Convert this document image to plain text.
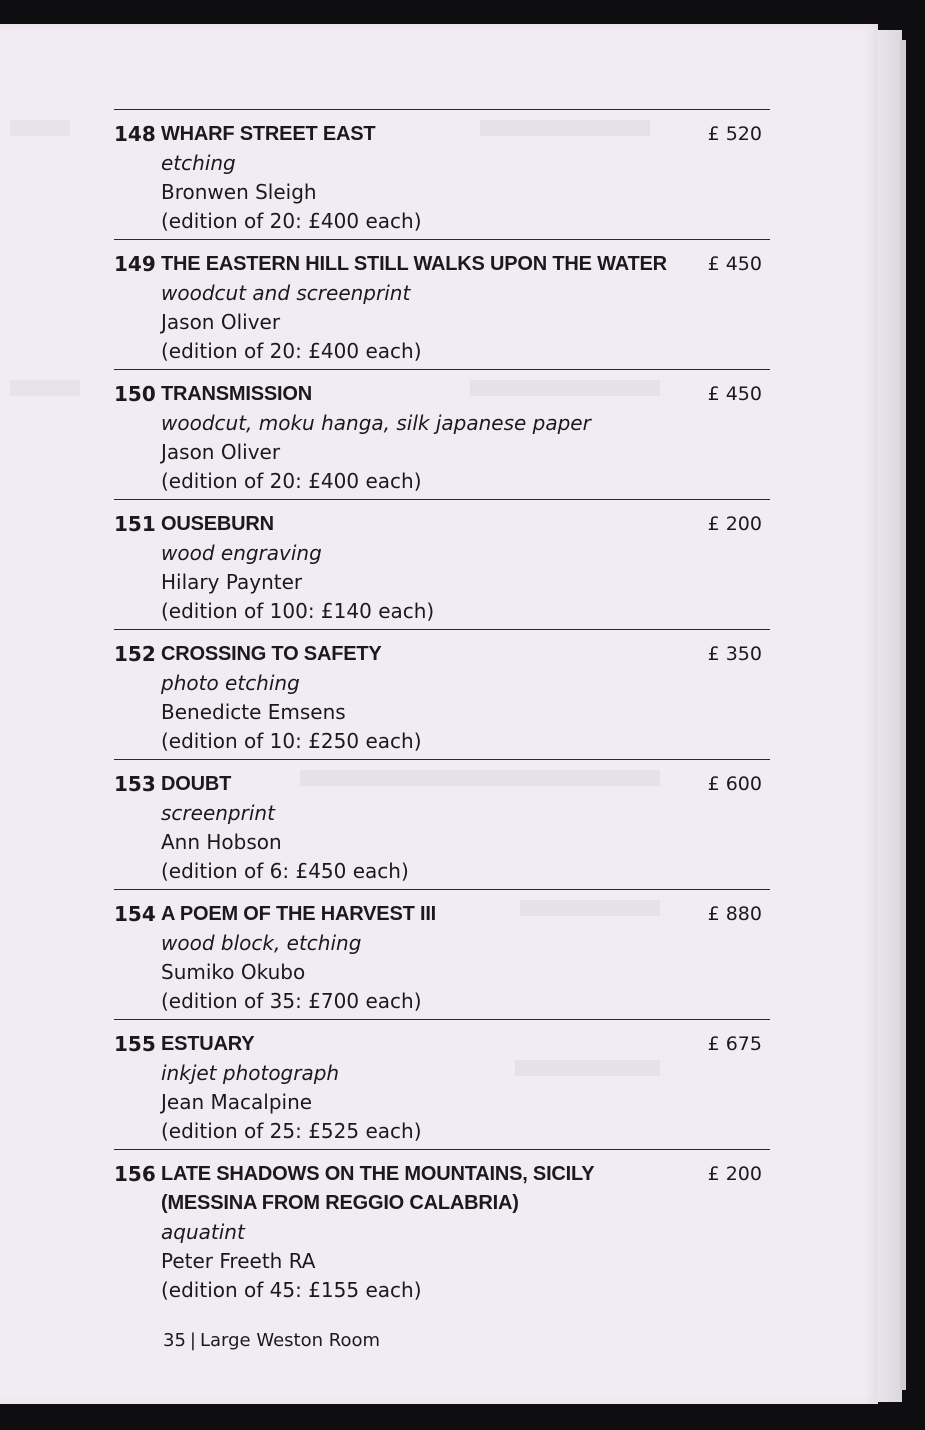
148 WHARF STREET EAST
etching
Bronwen Sleigh
(edition of 20: £400 each)
£ 520
149 THE EASTERN HILL STILL WALKS UPON THE WATER
woodcut and screenprint
Jason Oliver
(edition of 20: £400 each)
£ 450
150 TRANSMISSION
woodcut, moku hanga, silk japanese paper
Jason Oliver
(edition of 20: £400 each)
£ 450
151 OUSEBURN
wood engraving
Hilary Paynter
(edition of 100: £140 each)
£ 200
152 CROSSING TO SAFETY
photo etching
Benedicte Emsens
(edition of 10: £250 each)
£ 350
153 DOUBT
screenprint
Ann Hobson
(edition of 6: £450 each)
£ 600
154 A POEM OF THE HARVEST III
wood block, etching
Sumiko Okubo
(edition of 35: £700 each)
£ 880
155 ESTUARY
inkjet photograph
Jean Macalpine
(edition of 25: £525 each)
£ 675
156 LATE SHADOWS ON THE MOUNTAINS, SICILY
(MESSINA FROM REGGIO CALABRIA)
aquatint
Peter Freeth RA
(edition of 45: £155 each)
£ 200
35 | Large Weston Room
